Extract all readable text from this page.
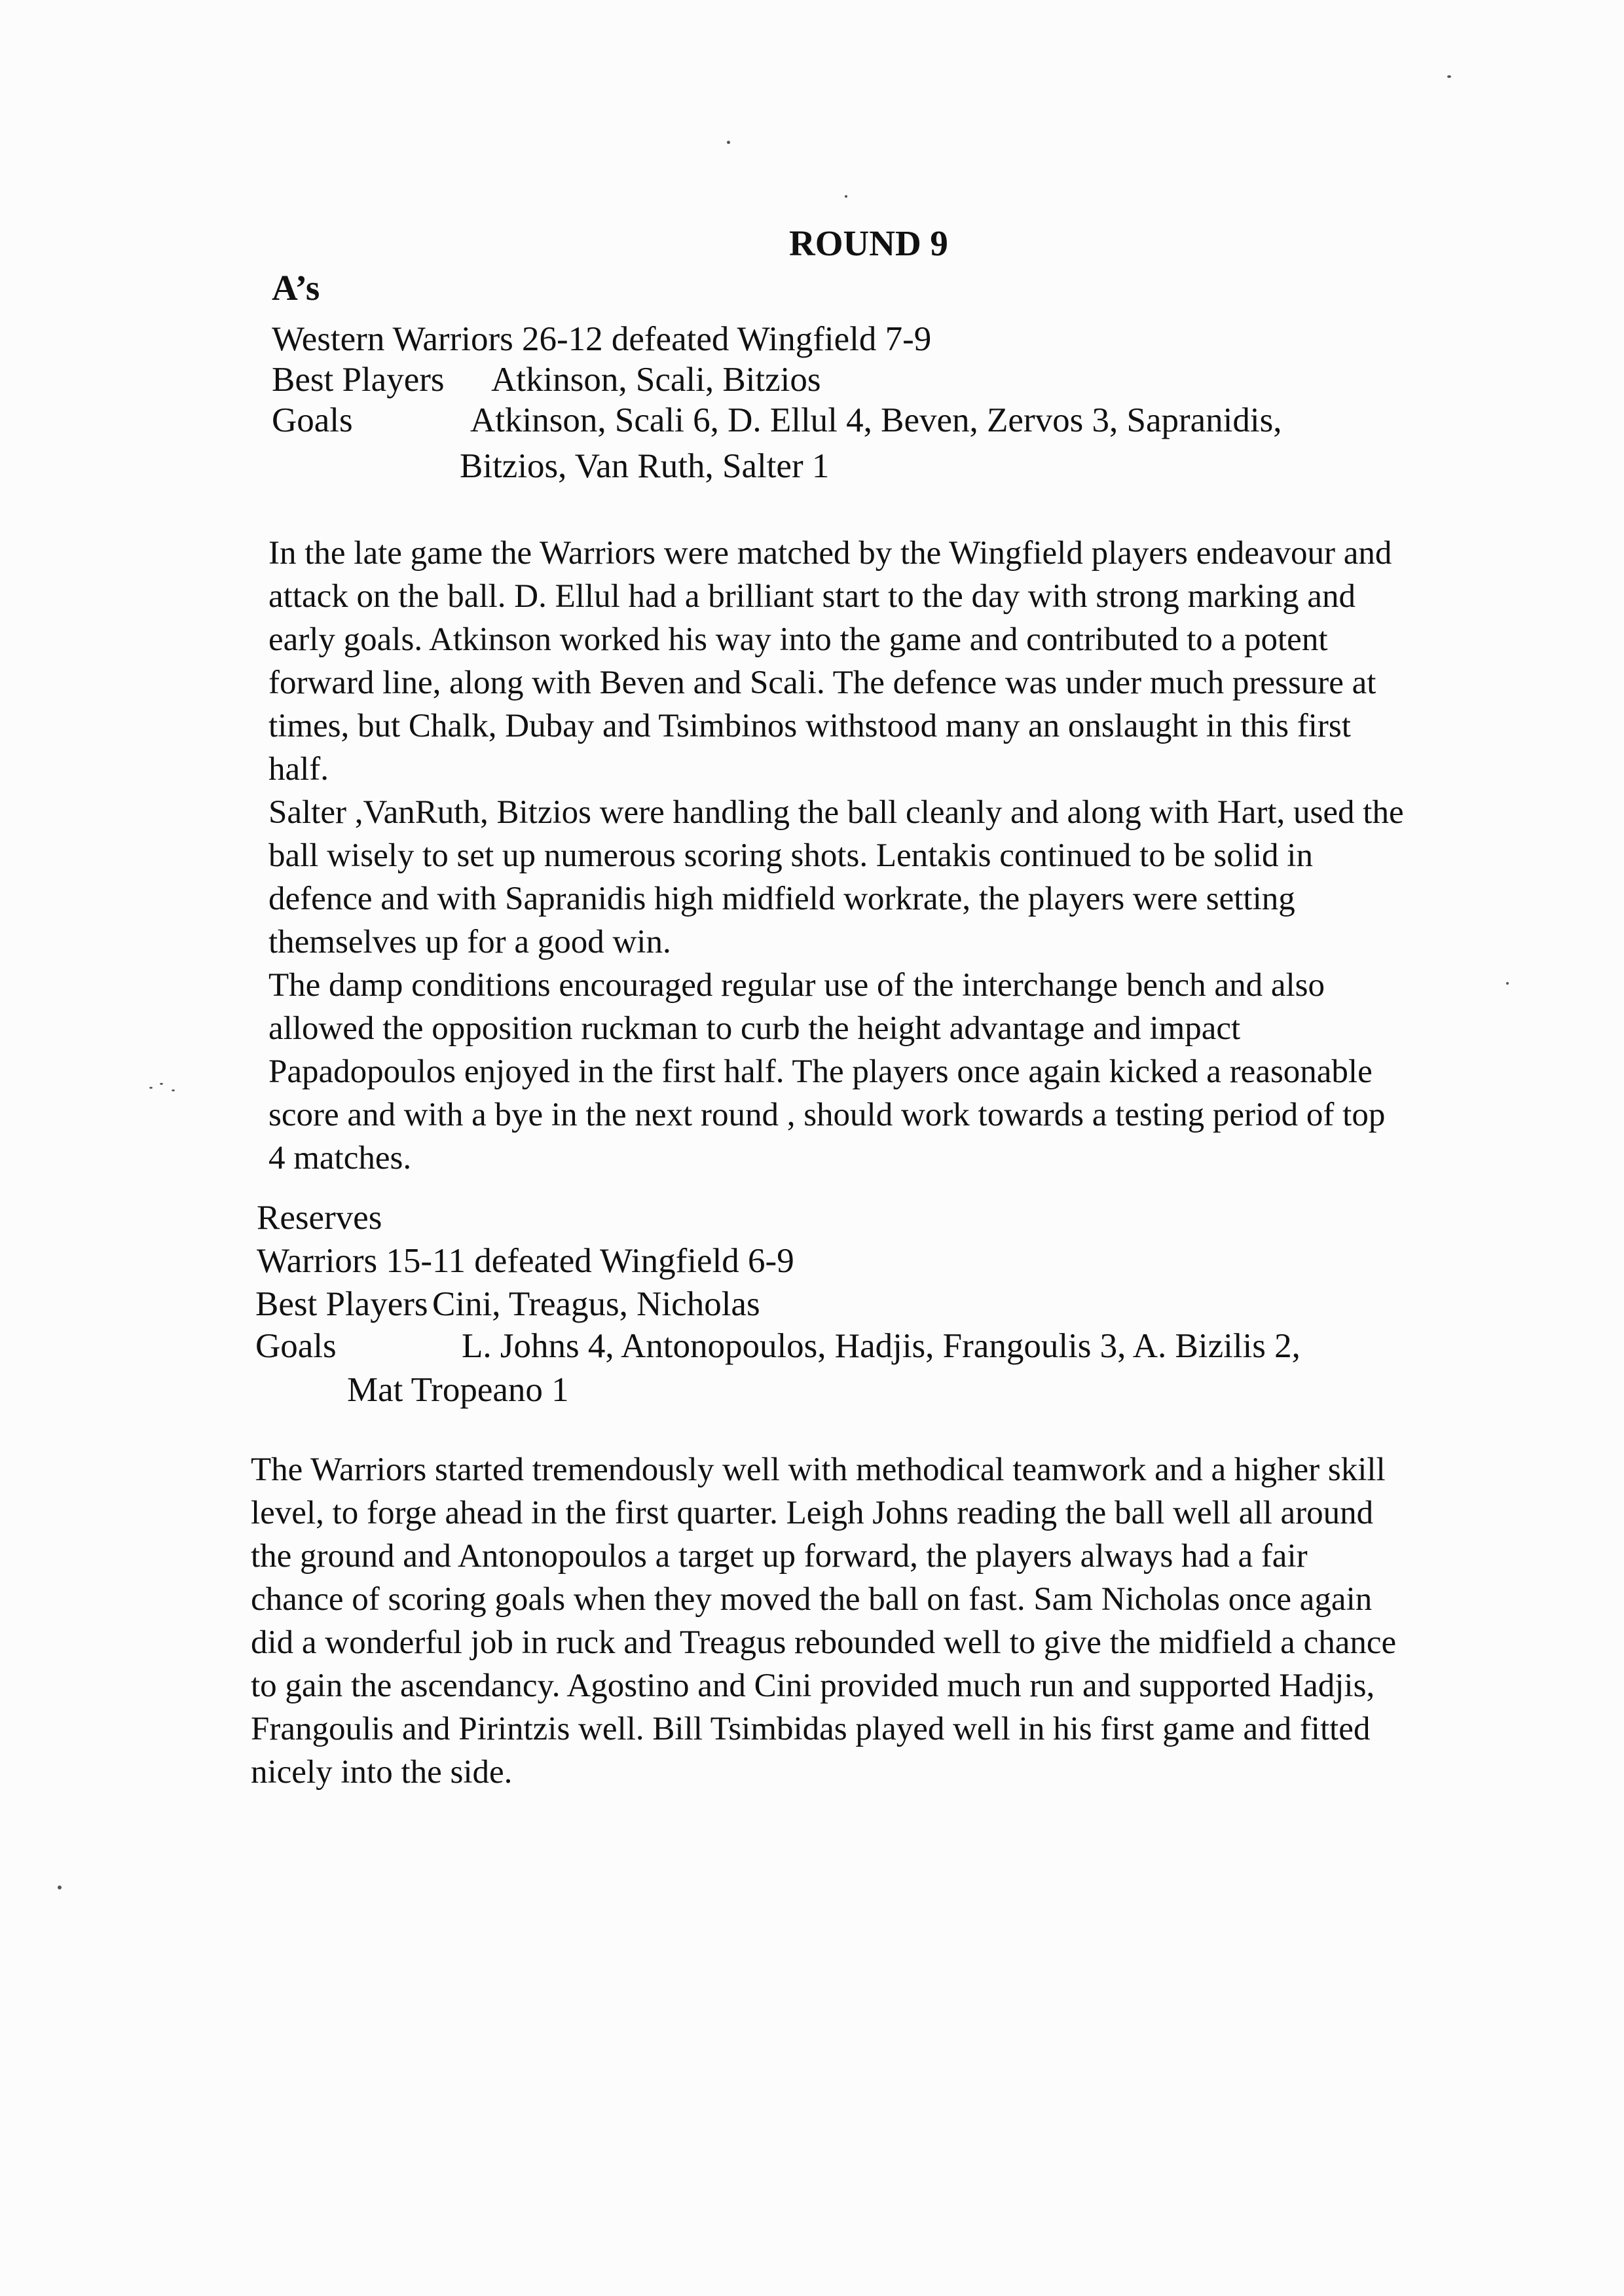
ROUND 9
A’s
Western Warriors 26-12 defeated Wingfield 7-9
Best Players Atkinson, Scali, Bitzios
Goals	Atkinson, Scali 6, D. Ellul 4, Beven, Zervos 3, Sapranidis,
Bitzios, Van Ruth, Salter 1

In the late game the Warriors were matched by the Wingfield players endeavour and attack on the ball. D. Ellul had a brilliant start to the day with strong marking and early goals. Atkinson worked his way into the game and contributed to a potent forward line, along with Beven and Scali. The defence was under much pressure at times, but Chalk, Dubay and Tsimbinos withstood many an onslaught in this first half.

Salter ,VanRuth, Bitzios were handling the ball cleanly and along with Hart, used the ball wisely to set up numerous scoring shots. Lentakis continued to be solid in defence and with Sapranidis high midfield workrate, the players were setting themselves up for a good win.

The damp conditions encouraged regular use of the interchange bench and also allowed the opposition ruckman to curb the height advantage and impact Papadopoulos enjoyed in the first half. The players once again kicked a reasonable score and with a bye in the next round , should work towards a testing period of top 4 matches.

Reserves
Warriors 15-11 defeated Wingfield 6-9
Best Players Cini, Treagus, Nicholas
Goals	L. Johns 4, Antonopoulos, Hadjis, Frangoulis 3, A. Bizilis 2,
Mat Tropeano 1

The Warriors started tremendously well with methodical teamwork and a higher skill level, to forge ahead in the first quarter. Leigh Johns reading the ball well all around the ground and Antonopoulos a target up forward, the players always had a fair chance of scoring goals when they moved the ball on fast. Sam Nicholas once again did a wonderful job in ruck and Treagus rebounded well to give the midfield a chance to gain the ascendancy. Agostino and Cini provided much run and supported Hadjis, Frangoulis and Pirintzis well. Bill Tsimbidas played well in his first game and fitted nicely into the side.
